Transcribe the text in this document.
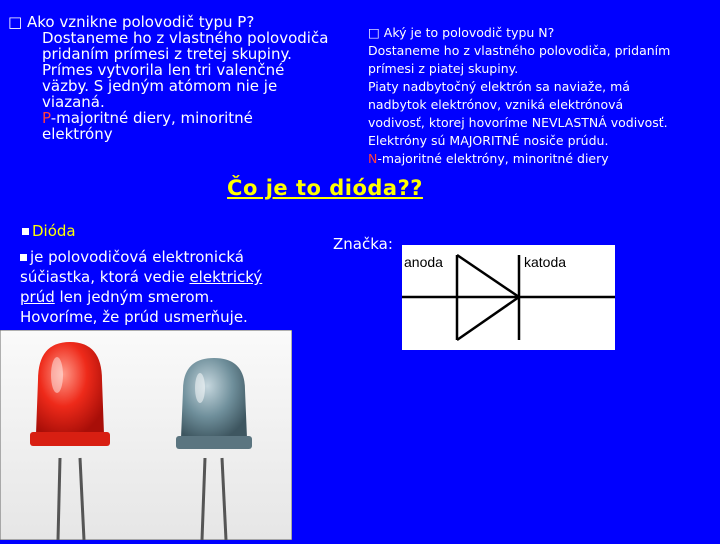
□ Ako vznikne polovodič typu P?
Dostaneme ho z vlastného polovodiča
pridaním prímesi z tretej skupiny.
Prímes vytvorila len tri valenčné
väzby. S jedným atómom nie je
viazaná.
P-majoritné diery, minoritné
elektróny
□ Aký je to polovodič typu N?
Dostaneme ho z vlastného polovodiča, pridaním
prímesi z piatej skupiny.
Piaty nadbytočný elektrón sa naviaže, má
nadbytok elektrónov, vzniká elektrónová
vodivosť, ktorej hovoríme NEVLASTNÁ vodivosť.
Elektróny sú MAJORITNÉ nosiče prúdu.
N-majoritné elektróny, minoritné diery
Čo je to dióda??
Dióda
je polovodičová elektronická súčiastka, ktorá vedie elektrický prúd len jedným smerom. Hovoríme, že prúd usmerňuje.
Značka:
anoda	katoda
